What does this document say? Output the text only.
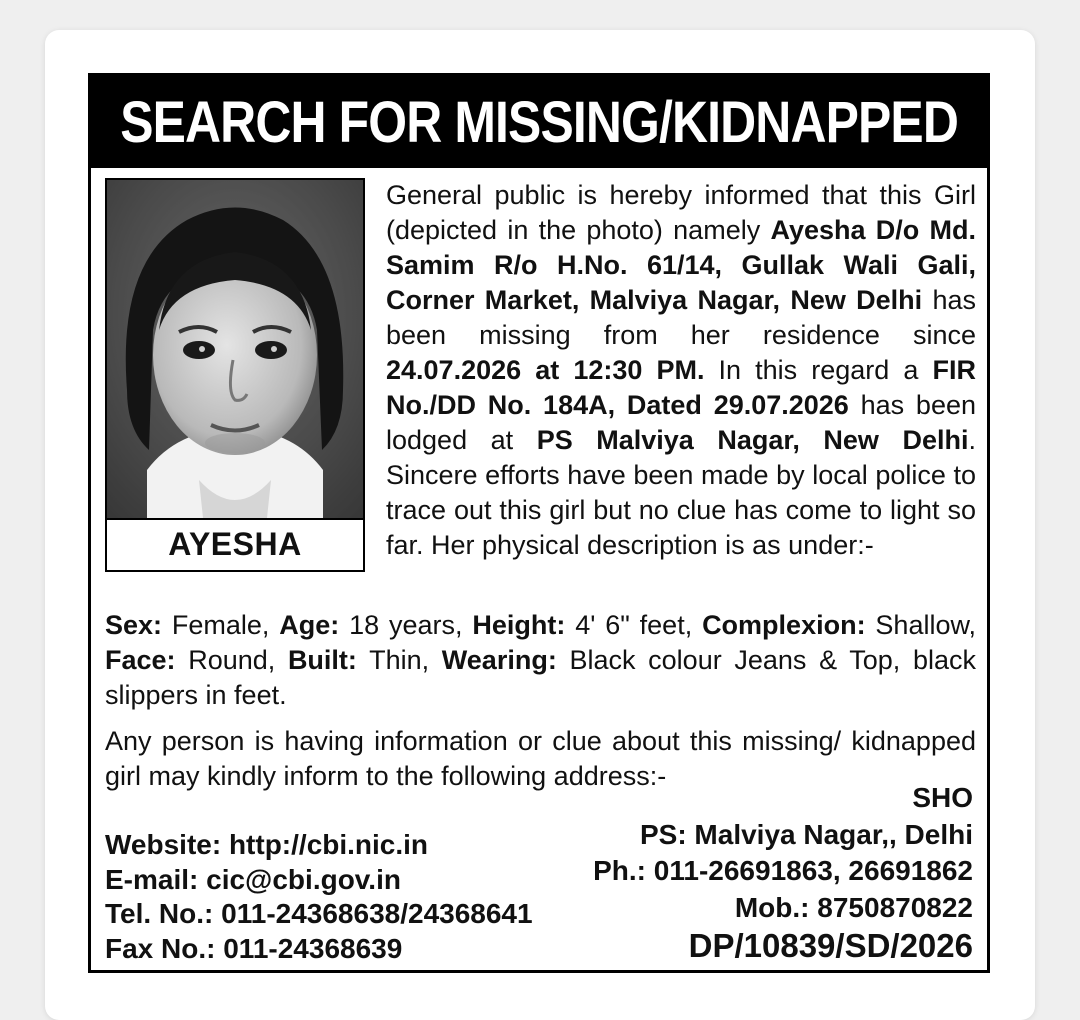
SEARCH FOR MISSING/KIDNAPPED
AYESHA

General public is hereby informed that this Girl (depicted in the photo) namely Ayesha D/o Md. Samim R/o H.No. 61/14, Gullak Wali Gali, Corner Market, Malviya Nagar, New Delhi has been missing from her residence since 24.07.2026 at 12:30 PM. In this regard a FIR No./DD No. 184A, Dated 29.07.2026 has been lodged at PS Malviya Nagar, New Delhi. Sincere efforts have been made by local police to trace out this girl but no clue has come to light so far. Her physical description is as under:-

Sex: Female, Age: 18 years, Height: 4' 6" feet, Complexion: Shallow, Face: Round, Built: Thin, Wearing: Black colour Jeans & Top, black slippers in feet.

Any person is having information or clue about this missing/ kidnapped girl may kindly inform to the following address:-

Website: http://cbi.nic.in
E-mail: cic@cbi.gov.in
Tel. No.: 011-24368638/24368641
Fax No.: 011-24368639
SHO
PS: Malviya Nagar,, Delhi
Ph.: 011-26691863, 26691862
Mob.: 8750870822
DP/10839/SD/2026
